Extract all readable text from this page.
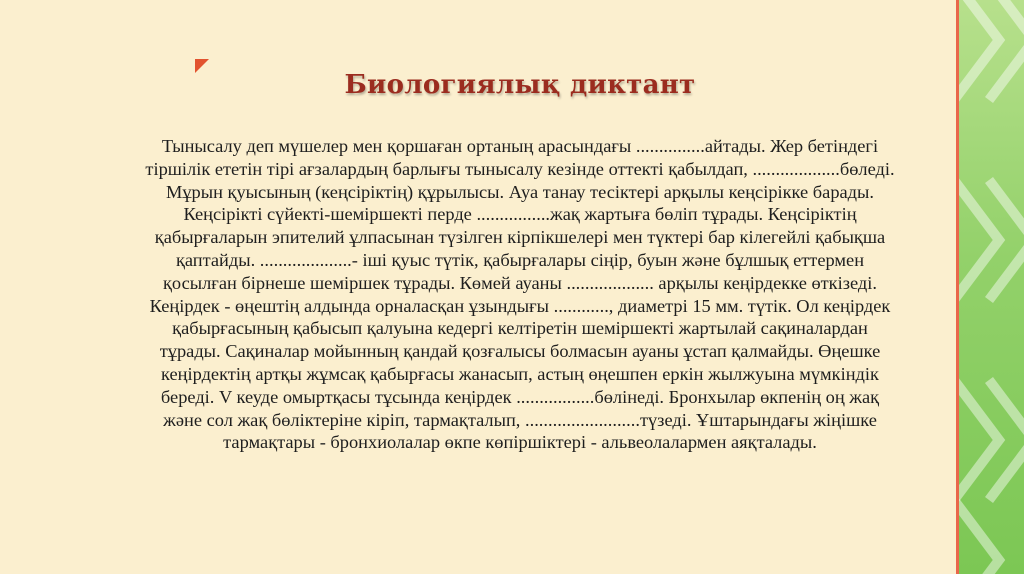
Биологиялық диктант

Тынысалу деп мүшелер мен қоршаған ортаның арасындағы ...............айтады. Жер бетіндегі тіршілік ететін тірі ағзалардың барлығы тынысалу кезінде оттекті қабылдап, ...................бөледі. Мұрын қуысының (кеңсіріктің) құрылысы. Ауа танау тесіктері арқылы кеңсірікке барады. Кеңсірікті сүйекті-шеміршекті перде ................жақ жартыға бөліп тұрады. Кеңсіріктің қабырғаларын эпителий ұлпасынан түзілген кірпікшелері мен түктері бар кілегейлі қабықша қаптайды. ....................- іші қуыс түтік, қабырғалары сіңір, буын және бұлшық еттермен қосылған бірнеше шеміршек тұрады. Көмей ауаны ................... арқылы кеңірдекке өткізеді. Кеңірдек - өңештің алдында орналасқан ұзындығы ............, диаметрі 15 мм. түтік. Ол кеңірдек қабырғасының қабысып қалуына кедергі келтіретін шеміршекті жартылай сақиналардан тұрады. Сақиналар мойынның қандай қозғалысы болмасын ауаны ұстап қалмайды. Өңешке кеңірдектің артқы жұмсақ қабырғасы жанасып, астың өңешпен еркін жылжуына мүмкіндік береді. V кеуде омыртқасы тұсында кеңірдек .................бөлінеді. Бронхылар өкпенің оң жақ және сол жақ бөліктеріне кіріп, тармақталып, .........................түзеді. Ұштарындағы жіңішке тармақтары - бронхиолалар өкпе көпіршіктері - альвеолалармен аяқталады.
